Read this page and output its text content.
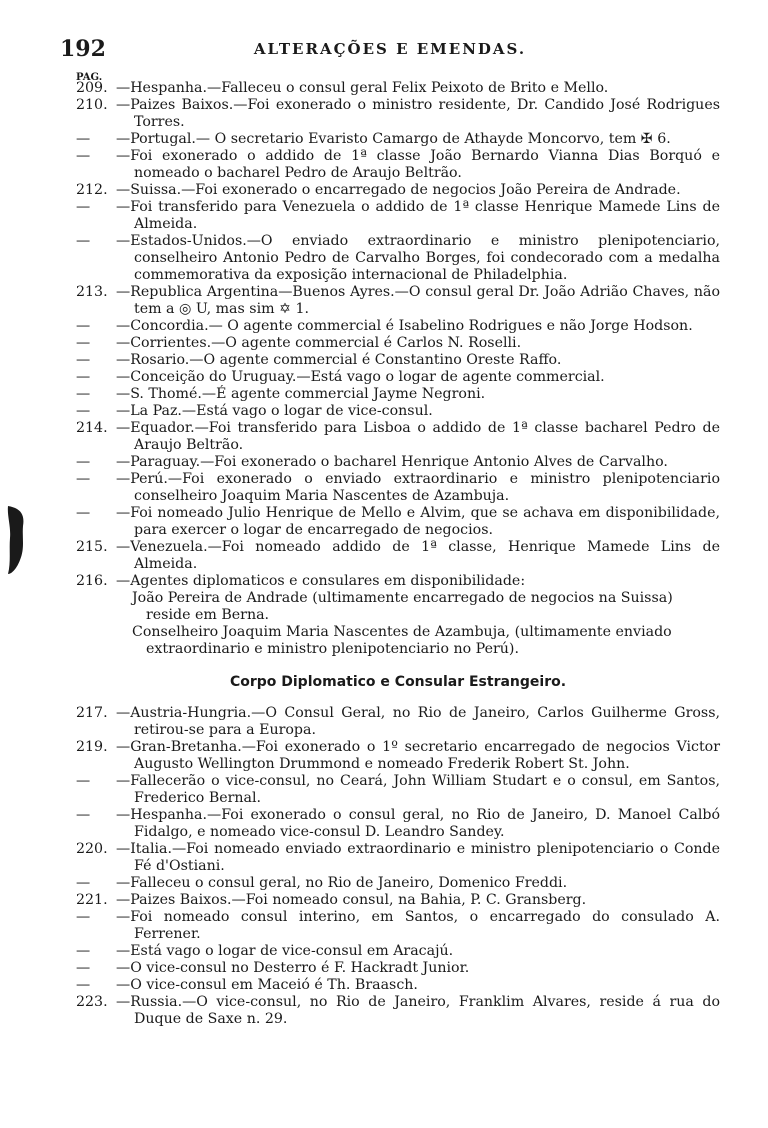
192	ALTERAÇÕES E EMENDAS.
PAG.
209. —Hespanha.—Falleceu o consul geral Felix Peixoto de Brito e Mello.
210. —Paizes Baixos.—Foi exonerado o ministro residente, Dr. Candido José Rodrigues Torres.
—	—Portugal.— O secretario Evaristo Camargo de Athayde Moncorvo, tem ✠ 6.
—	—Foi exonerado o addido de 1ª classe João Bernardo Vianna Dias Borquó e nomeado o bacharel Pedro de Araujo Beltrão.
212. —Suissa.—Foi exonerado o encarregado de negocios João Pereira de Andrade.
—	—Foi transferido para Venezuela o addido de 1ª classe Henrique Mamede Lins de Almeida.
—	—Estados-Unidos.—O enviado extraordinario e ministro plenipotenciario, conselheiro Antonio Pedro de Carvalho Borges, foi condecorado com a medalha commemorativa da exposição internacional de Philadelphia.
213. —Republica Argentina—Buenos Ayres.—O consul geral Dr. João Adrião Chaves, não tem a ◎ U, mas sim ✡ 1.
—	—Concordia.— O agente commercial é Isabelino Rodrigues e não Jorge Hodson.
—	—Corrientes.—O agente commercial é Carlos N. Roselli.
—	—Rosario.—O agente commercial é Constantino Oreste Raffo.
—	—Conceição do Uruguay.—Está vago o logar de agente commercial.
—	—S. Thomé.—É agente commercial Jayme Negroni.
—	—La Paz.—Está vago o logar de vice-consul.
214. —Equador.—Foi transferido para Lisboa o addido de 1ª classe bacharel Pedro de Araujo Beltrão.
—	—Paraguay.—Foi exonerado o bacharel Henrique Antonio Alves de Carvalho.
—	—Perú.—Foi exonerado o enviado extraordinario e ministro plenipotenciario conselheiro Joaquim Maria Nascentes de Azambuja.
—	—Foi nomeado Julio Henrique de Mello e Alvim, que se achava em disponibilidade, para exercer o logar de encarregado de negocios.
215. —Venezuela.—Foi nomeado addido de 1ª classe, Henrique Mamede Lins de Almeida.
216. —Agentes diplomaticos e consulares em disponibilidade:
João Pereira de Andrade (ultimamente encarregado de negocios na Suissa) reside em Berna.
Conselheiro Joaquim Maria Nascentes de Azambuja, (ultimamente enviado extraordinario e ministro plenipotenciario no Perú).
Corpo Diplomatico e Consular Estrangeiro.
217. —Austria-Hungria.—O Consul Geral, no Rio de Janeiro, Carlos Guilherme Gross, retirou-se para a Europa.
219. —Gran-Bretanha.—Foi exonerado o 1º secretario encarregado de negocios Victor Augusto Wellington Drummond e nomeado Frederik Robert St. John.
—	—Fallecerão o vice-consul, no Ceará, John William Studart e o consul, em Santos, Frederico Bernal.
—	—Hespanha.—Foi exonerado o consul geral, no Rio de Janeiro, D. Manoel Calbó Fidalgo, e nomeado vice-consul D. Leandro Sandey.
220. —Italia.—Foi nomeado enviado extraordinario e ministro plenipotenciario o Conde Fé d'Ostiani.
—	—Falleceu o consul geral, no Rio de Janeiro, Domenico Freddi.
221. —Paizes Baixos.—Foi nomeado consul, na Bahia, P. C. Gransberg.
—	—Foi nomeado consul interino, em Santos, o encarregado do consulado A. Ferrener.
—	—Está vago o logar de vice-consul em Aracajú.
—	—O vice-consul no Desterro é F. Hackradt Junior.
—	—O vice-consul em Maceió é Th. Braasch.
223. —Russia.—O vice-consul, no Rio de Janeiro, Franklim Alvares, reside á rua do Duque de Saxe n. 29.
